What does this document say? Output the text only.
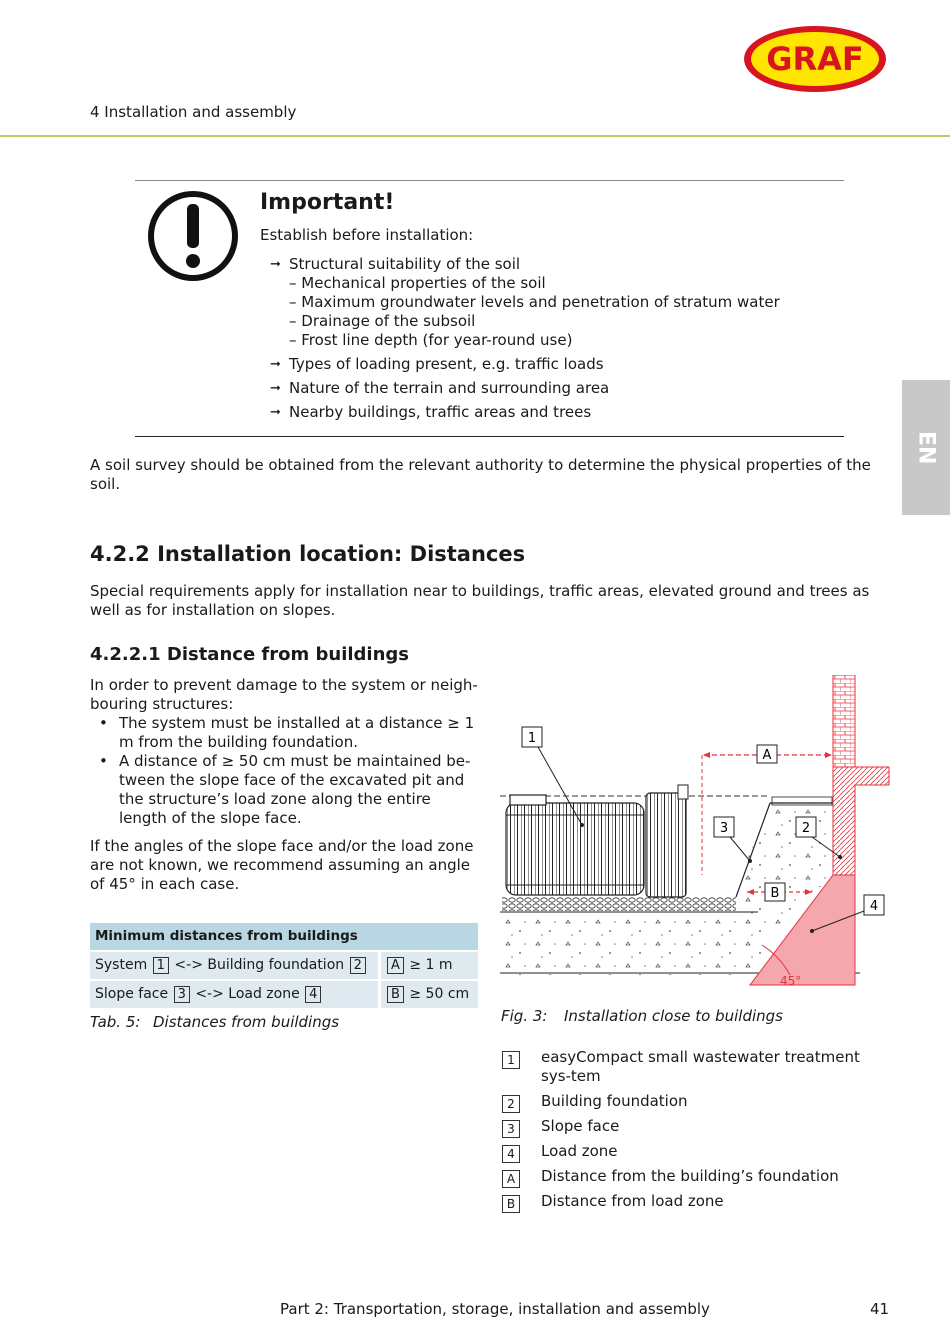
GRAF
4 Installation and assembly
EN
Important!
Establish before installation:
➞ Structural suitability of the soil
– Mechanical properties of the soil
– Maximum groundwater levels and penetration of stratum water
– Drainage of the subsoil
– Frost line depth (for year-round use)
➞ Types of loading present, e.g. traffic loads
➞ Nature of the terrain and surrounding area
➞ Nearby buildings, traffic areas and trees
A soil survey should be obtained from the relevant authority to determine the physical properties of the soil.
4.2.2 Installation location: Distances
Special requirements apply for installation near to buildings, traffic areas, elevated ground and trees as well as for installation on slopes.
4.2.2.1 Distance from buildings
In order to prevent damage to the system or neigh-bouring structures:
• The system must be installed at a distance ≥ 1 m from the building foundation.
• A distance of ≥ 50 cm must be maintained be-tween the slope face of the excavated pit and the structure’s load zone along the entire length of the slope face.
If the angles of the slope face and/or the load zone are not known, we recommend assuming an angle of 45° in each case.
Minimum distances from buildings	
System 1 <-> Building foundation 2	A ≥ 1 m
Slope face 3 <-> Load zone 4	B ≥ 50 cm
Tab. 5: Distances from buildings
45°
A
B
1
3	2
4
Fig. 3: Installation close to buildings
1	easyCompact small wastewater treatment sys-tem
2	Building foundation
3	Slope face
4	Load zone
A	Distance from the building’s foundation
B	Distance from load zone
Part 2: Transportation, storage, installation and assembly	41
